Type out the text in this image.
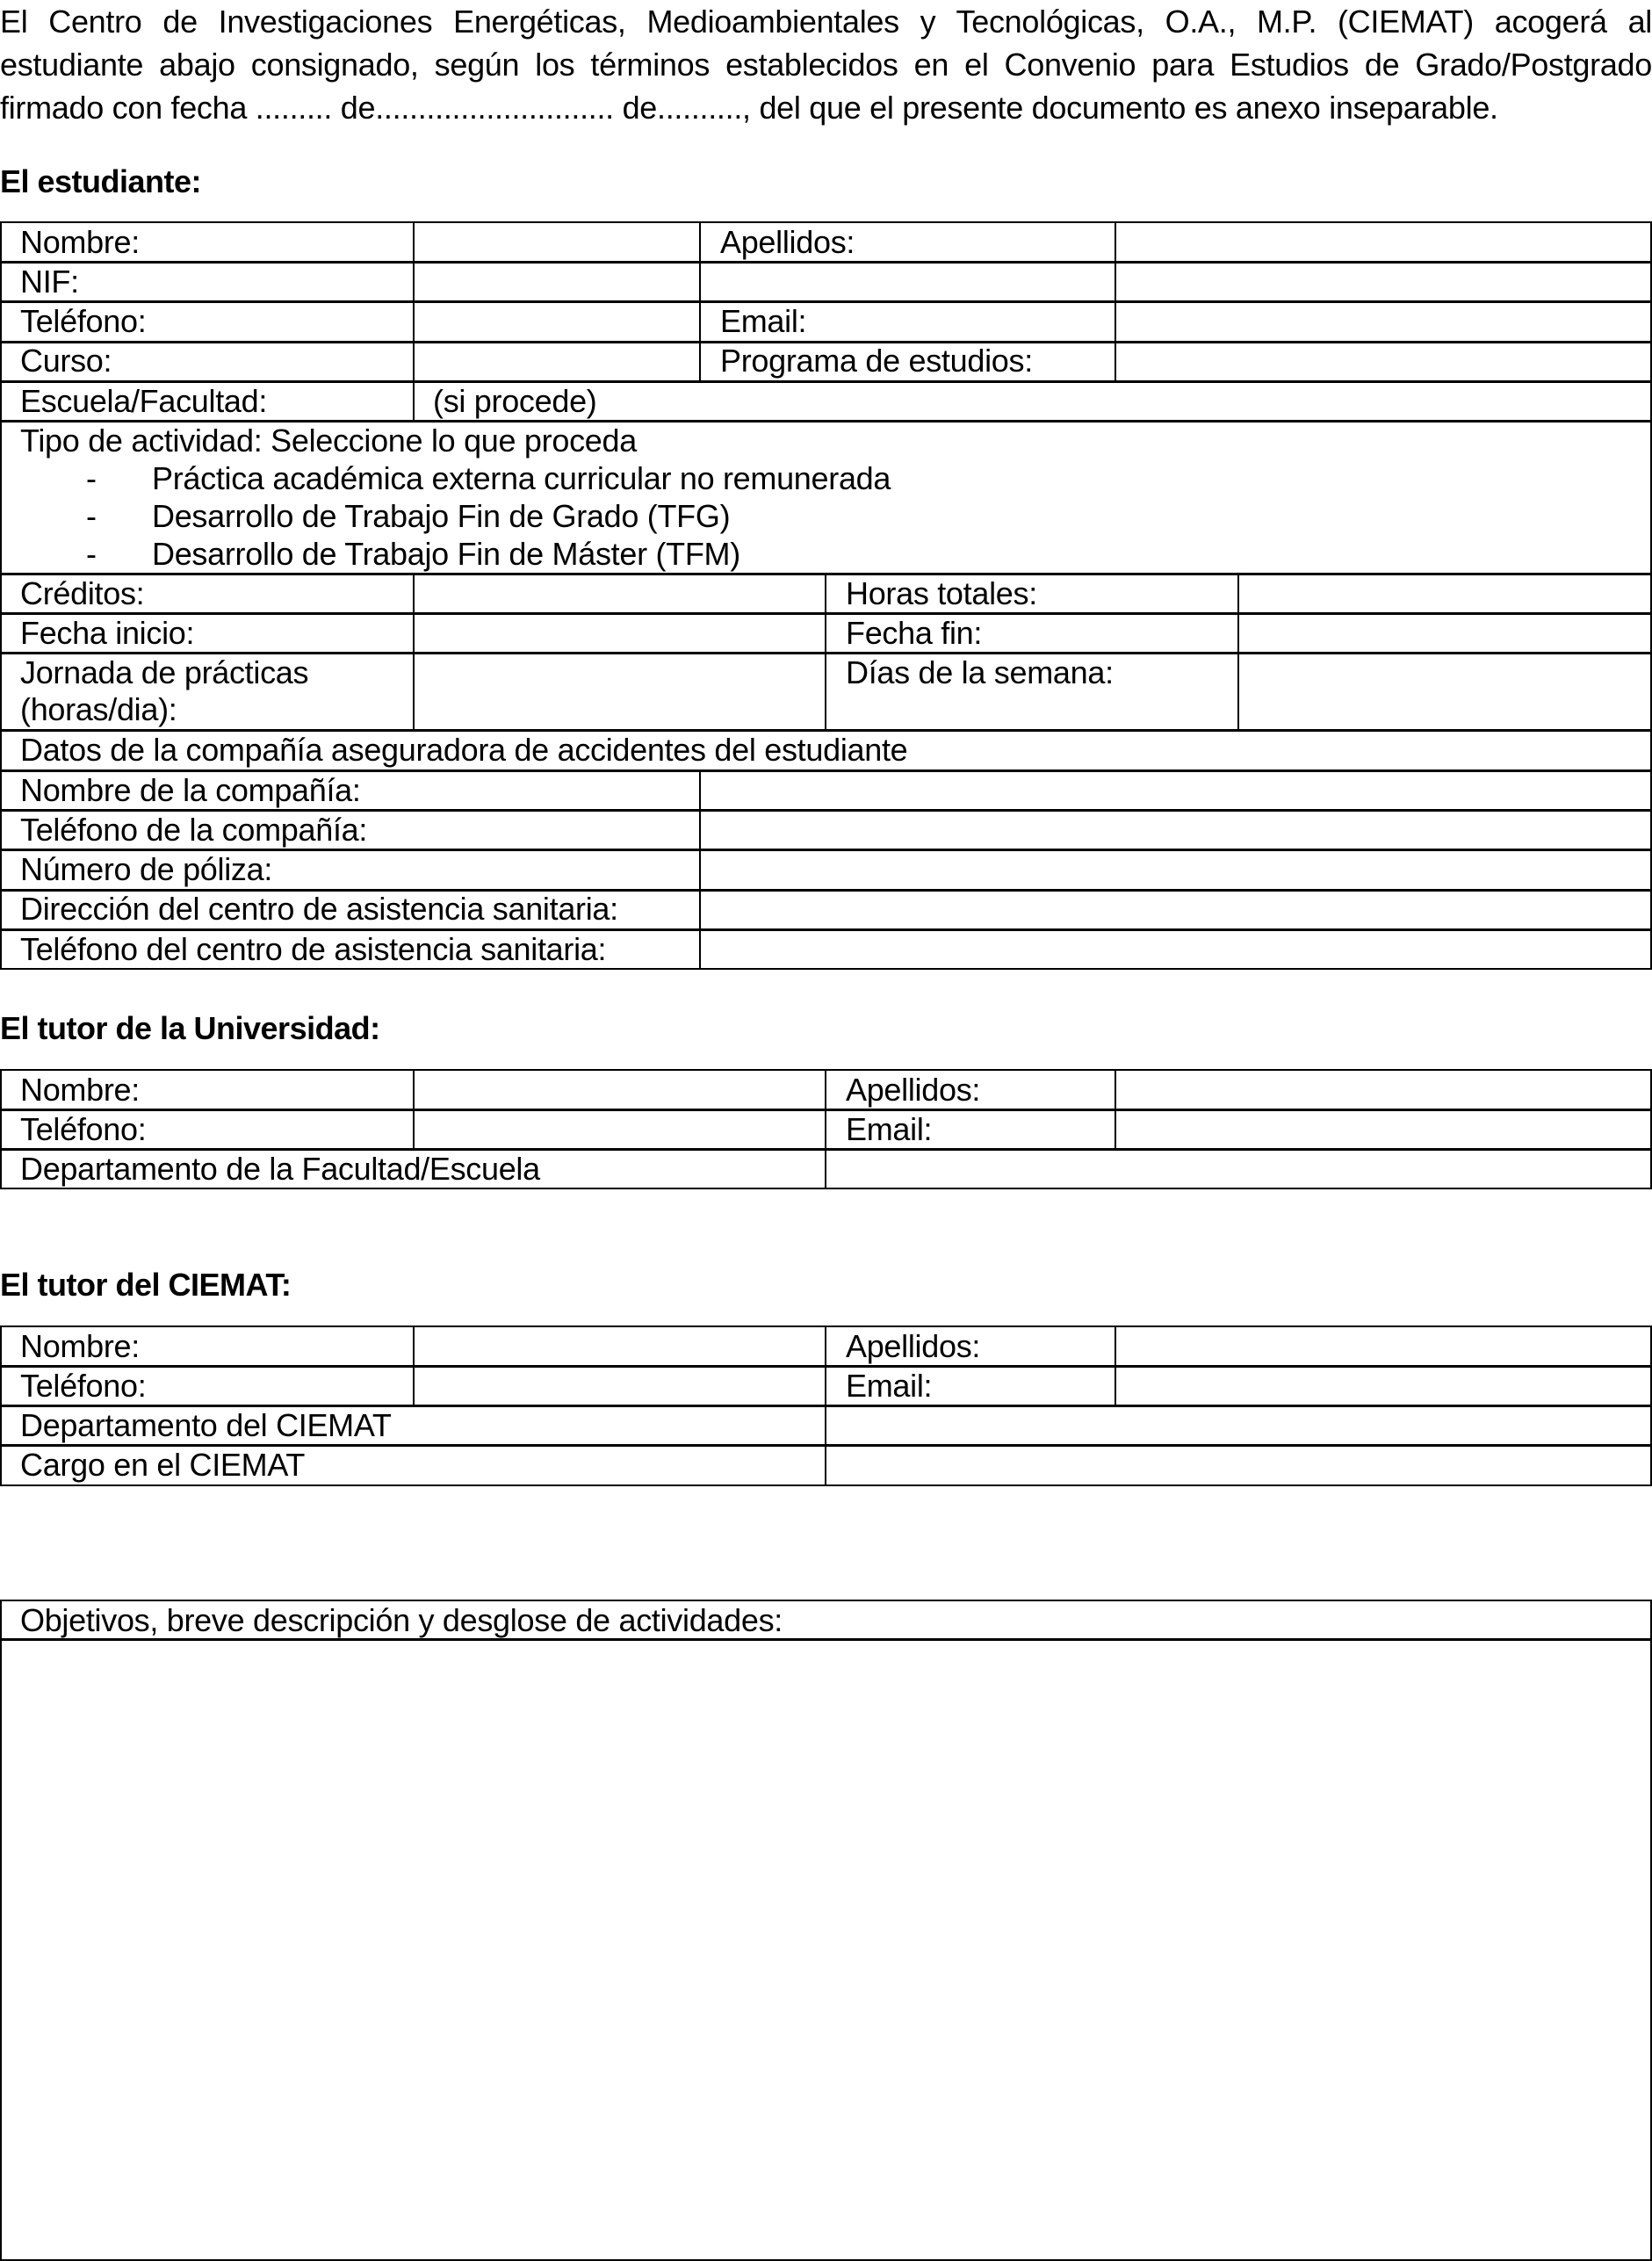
El Centro de Investigaciones Energéticas, Medioambientales y Tecnológicas, O.A., M.P. (CIEMAT) acogerá al
estudiante abajo consignado, según los términos establecidos en el Convenio para Estudios de Grado/Postgrado
firmado con fecha ......... de............................ de.........., del que el presente documento es anexo inseparable.
El estudiante:
Nombre:	Apellidos:
NIF:
Teléfono:	Email:
Curso:	Programa de estudios:
Escuela/Facultad:	(si procede)
Tipo de actividad: Seleccione lo que proceda
- Práctica académica externa curricular no remunerada
- Desarrollo de Trabajo Fin de Grado (TFG)
- Desarrollo de Trabajo Fin de Máster (TFM)
Créditos:	Horas totales:
Fecha inicio:	Fecha fin:
Jornada de prácticas
(horas/dia):
Días de la semana:
Datos de la compañía aseguradora de accidentes del estudiante
Nombre de la compañía:
Teléfono de la compañía:
Número de póliza:
Dirección del centro de asistencia sanitaria:
Teléfono del centro de asistencia sanitaria:
El tutor de la Universidad:
Nombre:	Apellidos:
Teléfono:	Email:
Departamento de la Facultad/Escuela
El tutor del CIEMAT:
Nombre:	Apellidos:
Teléfono:	Email:
Departamento del CIEMAT
Cargo en el CIEMAT
Objetivos, breve descripción y desglose de actividades:
